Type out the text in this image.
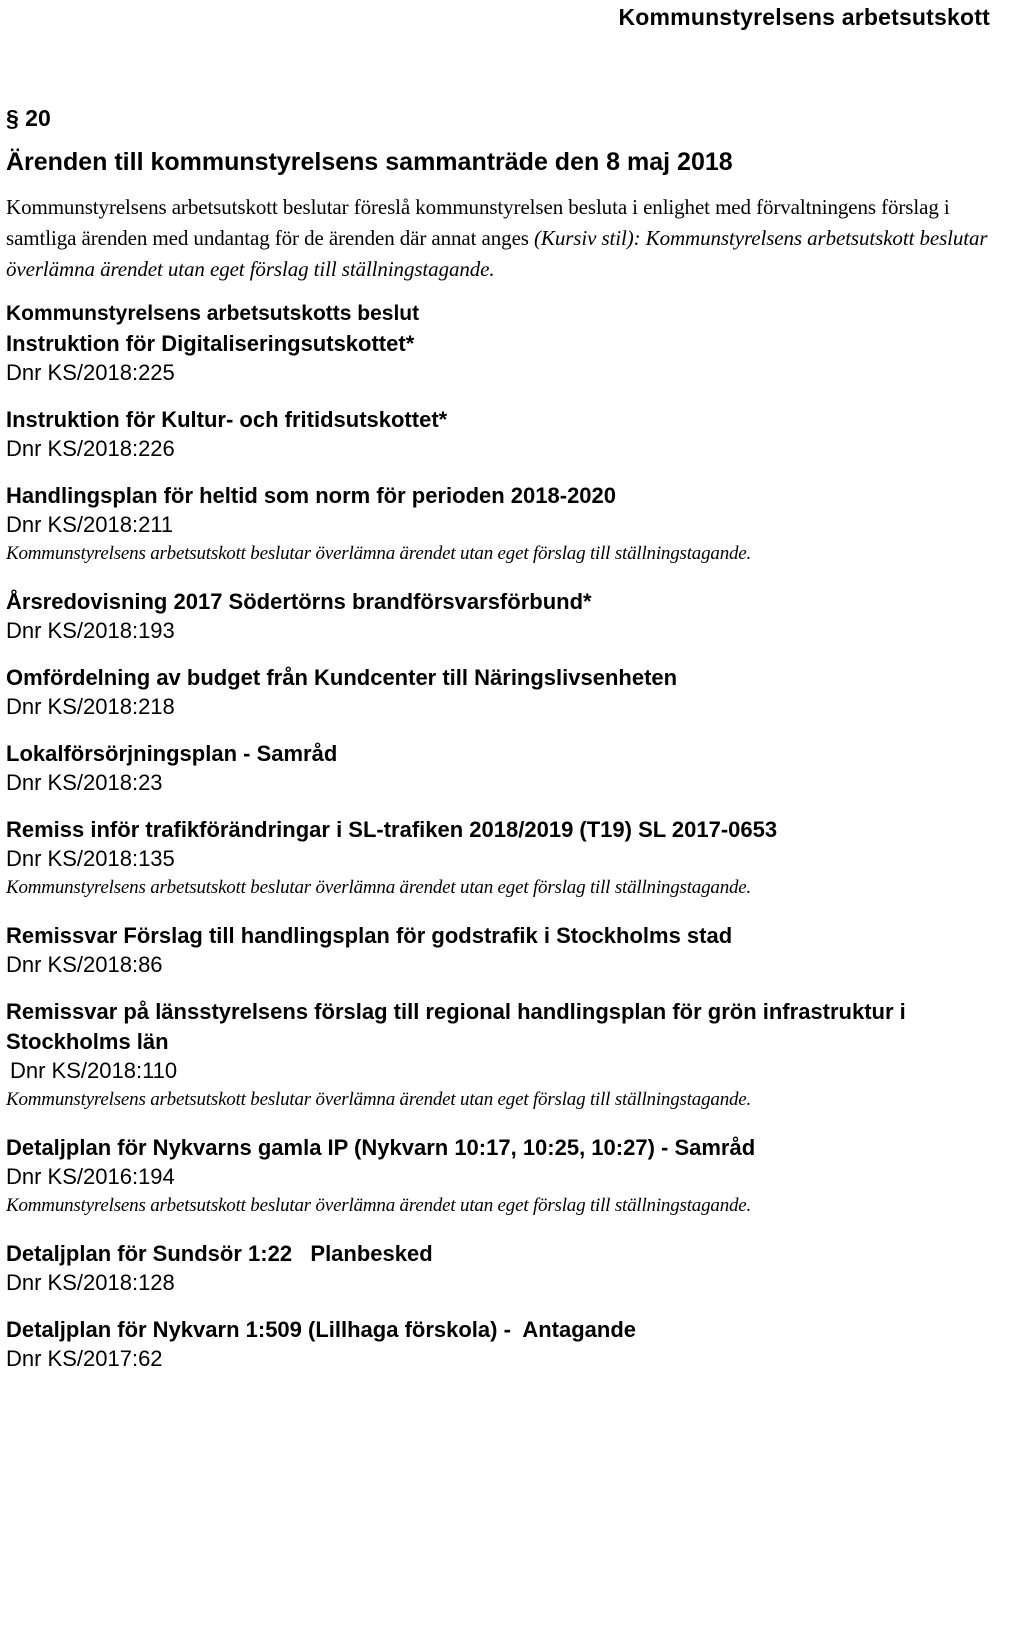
Kommunstyrelsens arbetsutskott
§ 20
Ärenden till kommunstyrelsens sammanträde den 8 maj 2018
Kommunstyrelsens arbetsutskott beslutar föreslå kommunstyrelsen besluta i enlighet med förvaltningens förslag i samtliga ärenden med undantag för de ärenden där annat anges (Kursiv stil): Kommunstyrelsens arbetsutskott beslutar överlämna ärendet utan eget förslag till ställningstagande.
Kommunstyrelsens arbetsutskotts beslut
Instruktion för Digitaliseringsutskottet*
Dnr KS/2018:225
Instruktion för Kultur- och fritidsutskottet*
Dnr KS/2018:226
Handlingsplan för heltid som norm för perioden 2018-2020
Dnr KS/2018:211
Kommunstyrelsens arbetsutskott beslutar överlämna ärendet utan eget förslag till ställningstagande.
Årsredovisning 2017 Södertörns brandförsvarsförbund*
Dnr KS/2018:193
Omfördelning av budget från Kundcenter till Näringslivsenheten
Dnr KS/2018:218
Lokalförsörjningsplan - Samråd
Dnr KS/2018:23
Remiss inför trafikförändringar i SL-trafiken 2018/2019 (T19) SL 2017-0653
Dnr KS/2018:135
Kommunstyrelsens arbetsutskott beslutar överlämna ärendet utan eget förslag till ställningstagande.
Remissvar Förslag till handlingsplan för godstrafik i Stockholms stad
Dnr KS/2018:86
Remissvar på länsstyrelsens förslag till regional handlingsplan för grön infrastruktur i Stockholms län
Dnr KS/2018:110
Kommunstyrelsens arbetsutskott beslutar överlämna ärendet utan eget förslag till ställningstagande.
Detaljplan för Nykvarns gamla IP (Nykvarn 10:17, 10:25, 10:27) - Samråd
Dnr KS/2016:194
Kommunstyrelsens arbetsutskott beslutar överlämna ärendet utan eget förslag till ställningstagande.
Detaljplan för Sundsör 1:22   Planbesked
Dnr KS/2018:128
Detaljplan för Nykvarn 1:509 (Lillhaga förskola) -  Antagande
Dnr KS/2017:62
